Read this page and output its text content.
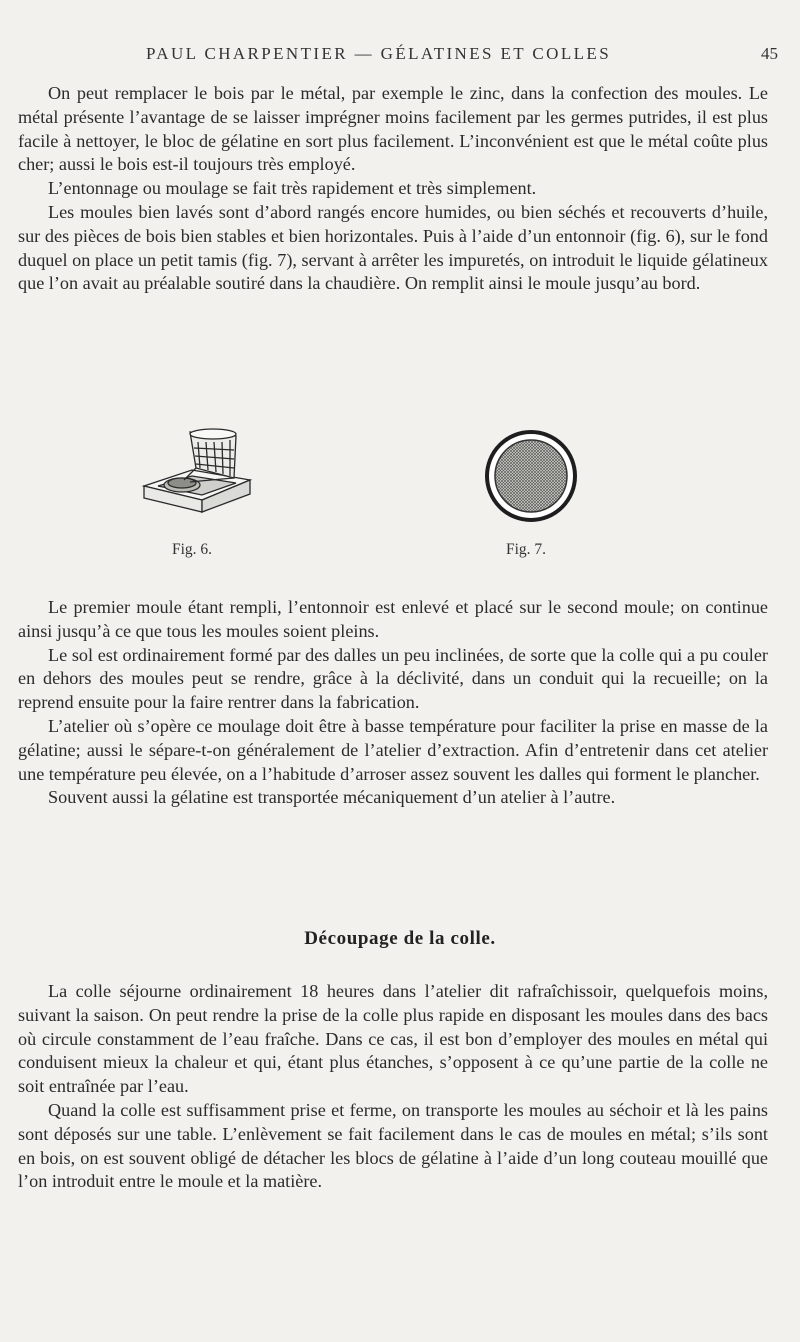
PAUL CHARPENTIER — GÉLATINES ET COLLES	45

On peut remplacer le bois par le métal, par exemple le zinc, dans la confection des moules. Le métal présente l’avantage de se laisser imprégner moins facilement par les germes putrides, il est plus facile à nettoyer, le bloc de gélatine en sort plus facilement. L’inconvénient est que le métal coûte plus cher; aussi le bois est-il toujours très employé.

L’entonnage ou moulage se fait très rapidement et très simplement.

Les moules bien lavés sont d’abord rangés encore humides, ou bien séchés et recouverts d’huile, sur des pièces de bois bien stables et bien horizontales. Puis à l’aide d’un entonnoir (fig. 6), sur le fond duquel on place un petit tamis (fig. 7), servant à arrêter les impuretés, on introduit le liquide gélatineux que l’on avait au préalable soutiré dans la chaudière. On remplit ainsi le moule jusqu’au bord.

Fig. 6.	Fig. 7.

Le premier moule étant rempli, l’entonnoir est enlevé et placé sur le second moule; on continue ainsi jusqu’à ce que tous les moules soient pleins.

Le sol est ordinairement formé par des dalles un peu inclinées, de sorte que la colle qui a pu couler en dehors des moules peut se rendre, grâce à la déclivité, dans un conduit qui la recueille; on la reprend ensuite pour la faire rentrer dans la fabrication.

L’atelier où s’opère ce moulage doit être à basse température pour faciliter la prise en masse de la gélatine; aussi le sépare-t-on généralement de l’atelier d’extraction. Afin d’entretenir dans cet atelier une température peu élevée, on a l’habitude d’arroser assez souvent les dalles qui forment le plancher.

Souvent aussi la gélatine est transportée mécaniquement d’un atelier à l’autre.

Découpage de la colle.

La colle séjourne ordinairement 18 heures dans l’atelier dit rafraîchissoir, quelquefois moins, suivant la saison. On peut rendre la prise de la colle plus rapide en disposant les moules dans des bacs où circule constamment de l’eau fraîche. Dans ce cas, il est bon d’employer des moules en métal qui conduisent mieux la chaleur et qui, étant plus étanches, s’opposent à ce qu’une partie de la colle ne soit entraînée par l’eau.

Quand la colle est suffisamment prise et ferme, on transporte les moules au séchoir et là les pains sont déposés sur une table. L’enlèvement se fait facilement dans le cas de moules en métal; s’ils sont en bois, on est souvent obligé de détacher les blocs de gélatine à l’aide d’un long couteau mouillé que l’on introduit entre le moule et la matière.
